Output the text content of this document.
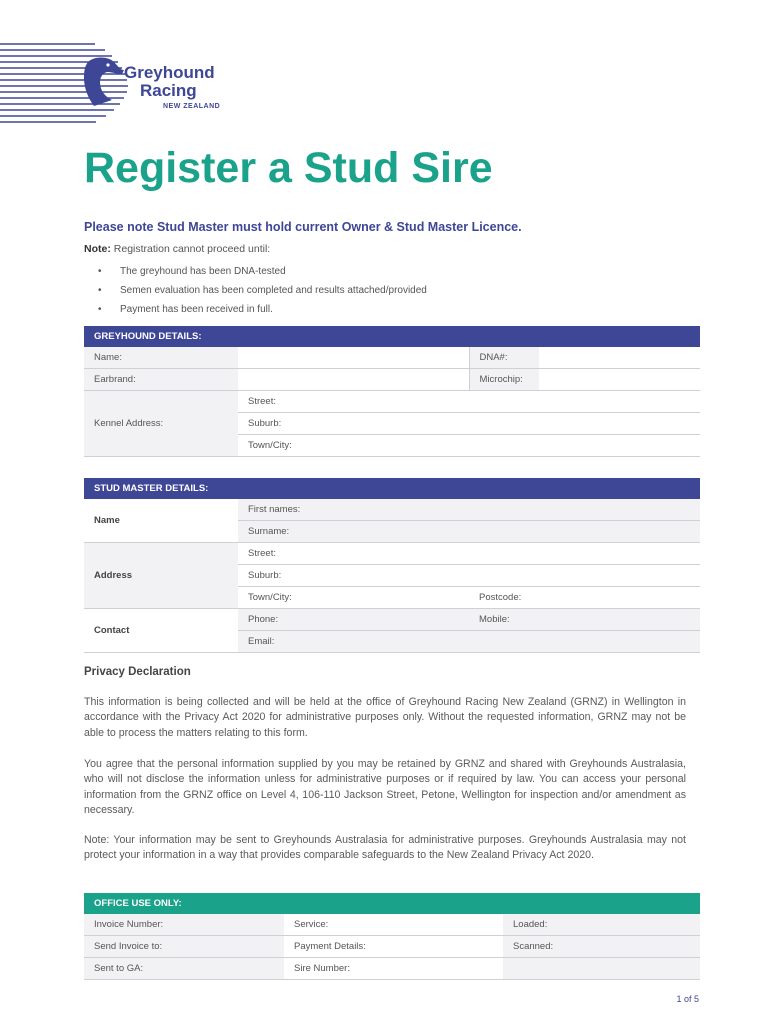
Greyhound
Racing
NEW ZEALAND
Register a Stud Sire
Please note Stud Master must hold current Owner & Stud Master Licence.
Note: Registration cannot proceed until:
• The greyhound has been DNA-tested
• Semen evaluation has been completed and results attached/provided
• Payment has been received in full.
GREYHOUND DETAILS:			
Name:		DNA#:	
Earbrand:		Microchip:	
Kennel Address:	Street:		
	Suburb:		
	Town/City:		
STUD MASTER DETAILS:		
Name	First names:	
	Surname:	
Address	Street:	
	Suburb:	
	Town/City:	Postcode:
Contact	Phone:	Mobile:
	Email:	
Privacy Declaration

This information is being collected and will be held at the office of Greyhound Racing New Zealand (GRNZ) in Wellington in accordance with the Privacy Act 2020 for administrative purposes only. Without the requested information, GRNZ may not be able to process the matters relating to this form.

You agree that the personal information supplied by you may be retained by GRNZ and shared with Greyhounds Australasia, who will not disclose the information unless for administrative purposes or if required by law. You can access your personal information from the GRNZ office on Level 4, 106-110 Jackson Street, Petone, Wellington for inspection and/or amendment as necessary.

Note: Your information may be sent to Greyhounds Australasia for administrative purposes. Greyhounds Australasia may not protect your information in a way that provides comparable safeguards to the New Zealand Privacy Act 2020.

OFFICE USE ONLY:		
Invoice Number:	Service:	Loaded:
Send Invoice to:	Payment Details:	Scanned:
Sent to GA:	Sire Number:	
1 of 5
